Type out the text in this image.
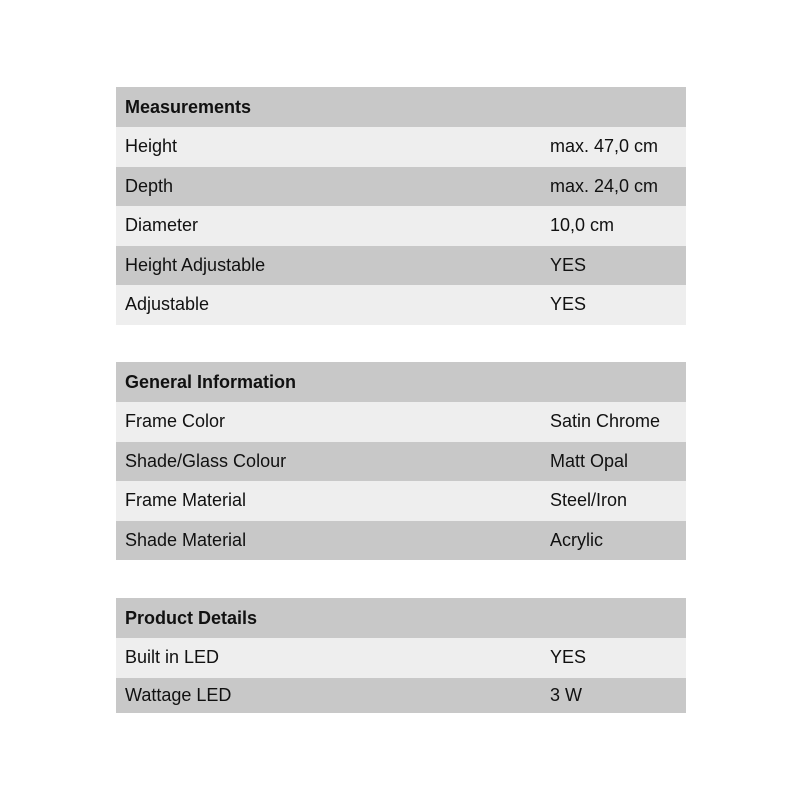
Measurements	
Height	max. 47,0 cm
Depth	max. 24,0 cm
Diameter	10,0 cm
Height Adjustable	YES
Adjustable	YES
General Information	
Frame Color	Satin Chrome
Shade/Glass Colour	Matt Opal
Frame Material	Steel/Iron
Shade Material	Acrylic
Product Details	
Built in LED	YES
Wattage LED	3 W
